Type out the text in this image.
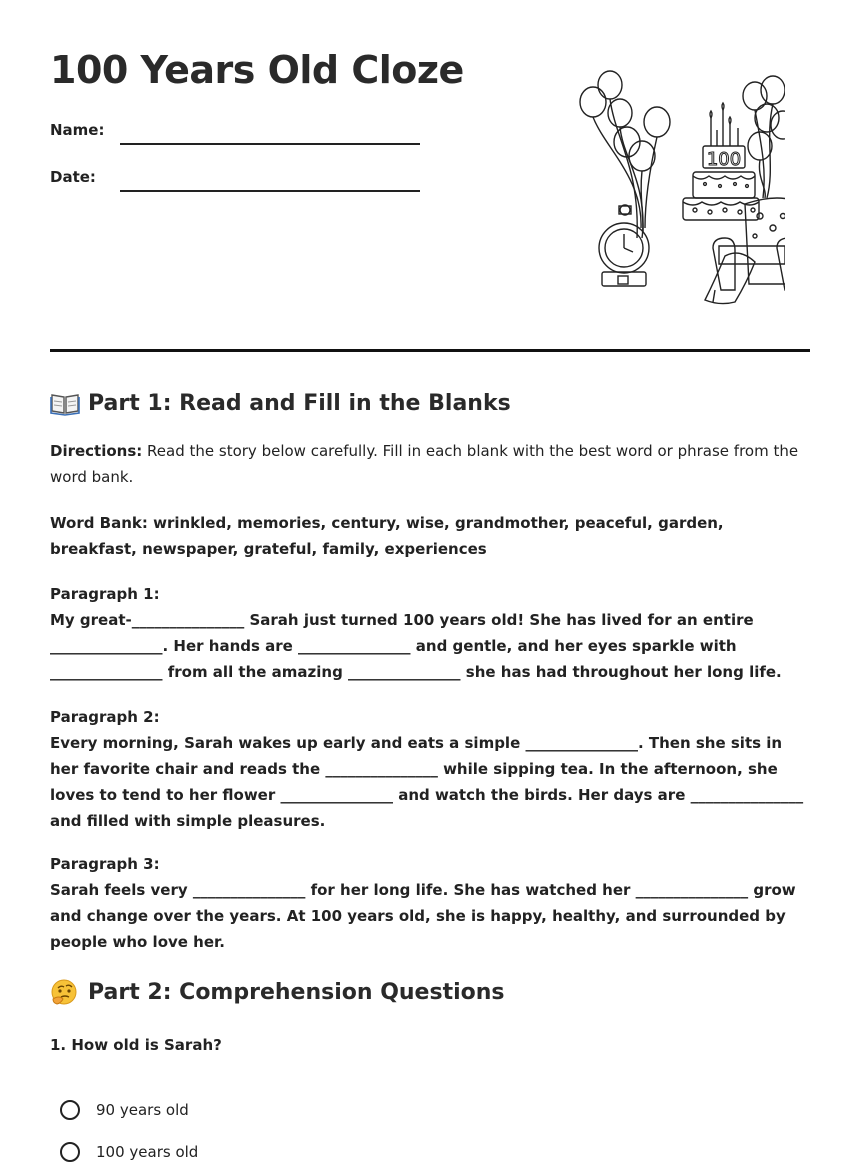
100 Years Old Cloze
Name:
Date:
100
Part 1: Read and Fill in the Blanks
Directions: Read the story below carefully. Fill in each blank with the best word or phrase from the word bank.
Word Bank: wrinkled, memories, century, wise, grandmother, peaceful, garden, breakfast, newspaper, grateful, family, experiences
Paragraph 1:
My great-_______________ Sarah just turned 100 years old! She has lived for an entire _______________. Her hands are _______________ and gentle, and her eyes sparkle with _______________ from all the amazing _______________ she has had throughout her long life.
Paragraph 2:
Every morning, Sarah wakes up early and eats a simple _______________. Then she sits in her favorite chair and reads the _______________ while sipping tea. In the afternoon, she loves to tend to her flower _______________ and watch the birds. Her days are _______________ and filled with simple pleasures.
Paragraph 3:
Sarah feels very _______________ for her long life. She has watched her _______________ grow and change over the years. At 100 years old, she is happy, healthy, and surrounded by people who love her.
Part 2: Comprehension Questions
1. How old is Sarah?
90 years old
100 years old
